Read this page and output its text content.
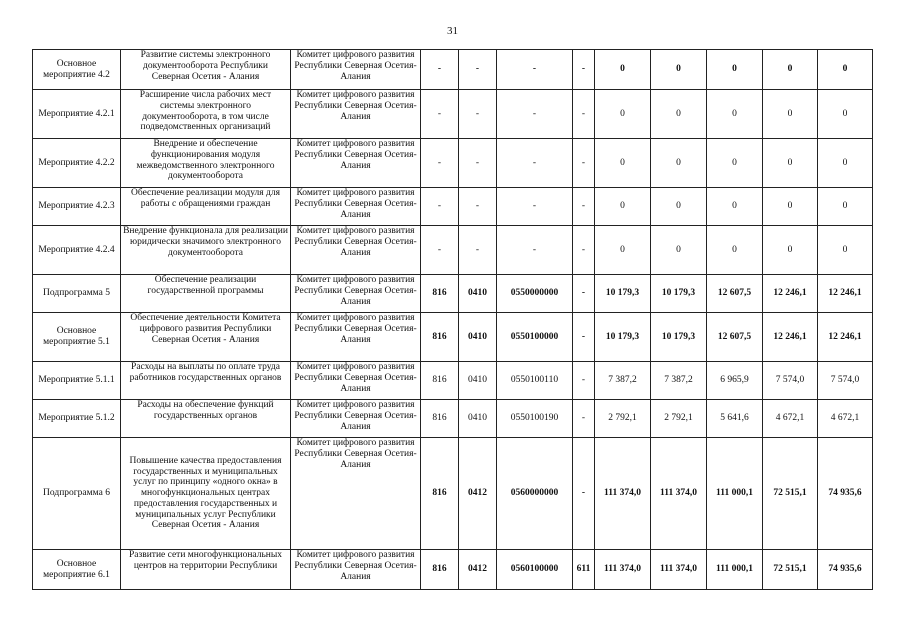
31
Основное мероприятие 4.2	Развитие системы электронного документооборота Республики Северная Осетия - Алания	Комитет цифрового развития Республики Северная Осетия-Алания	-	-	-	-	0	0	0	0	0
Мероприятие 4.2.1	Расширение числа рабочих мест системы электронного документооборота, в том числе подведомственных организаций	Комитет цифрового развития Республики Северная Осетия-Алания	-	-	-	-	0	0	0	0	0
Мероприятие 4.2.2	Внедрение и обеспечение функционирования модуля межведомственного электронного документооборота	Комитет цифрового развития Республики Северная Осетия-Алания	-	-	-	-	0	0	0	0	0
Мероприятие 4.2.3	Обеспечение реализации модуля для работы с обращениями граждан	Комитет цифрового развития Республики Северная Осетия-Алания	-	-	-	-	0	0	0	0	0
Мероприятие 4.2.4	Внедрение функционала для реализации юридически значимого электронного документооборота	Комитет цифрового развития Республики Северная Осетия-Алания	-	-	-	-	0	0	0	0	0
Подпрограмма 5	Обеспечение реализации государственной программы	Комитет цифрового развития Республики Северная Осетия-Алания	816	0410	0550000000	-	10 179,3	10 179,3	12 607,5	12 246,1	12 246,1
Основное мероприятие 5.1	Обеспечение деятельности Комитета цифрового развития Республики Северная Осетия - Алания	Комитет цифрового развития Республики Северная Осетия-Алания	816	0410	0550100000	-	10 179,3	10 179,3	12 607,5	12 246,1	12 246,1
Мероприятие 5.1.1	Расходы на выплаты по оплате труда работников государственных органов	Комитет цифрового развития Республики Северная Осетия-Алания	816	0410	0550100110	-	7 387,2	7 387,2	6 965,9	7 574,0	7 574,0
Мероприятие 5.1.2	Расходы на обеспечение функций государственных органов	Комитет цифрового развития Республики Северная Осетия-Алания	816	0410	0550100190	-	2 792,1	2 792,1	5 641,6	4 672,1	4 672,1
Подпрограмма 6	Повышение качества предоставления государственных и муниципальных услуг по принципу «одного окна» в многофункциональных центрах предоставления государственных и муниципальных услуг Республики Северная Осетия - Алания	Комитет цифрового развития Республики Северная Осетия-Алания	816	0412	0560000000	-	111 374,0	111 374,0	111 000,1	72 515,1	74 935,6
Основное мероприятие 6.1	Развитие сети многофункциональных центров на территории Республики	Комитет цифрового развития Республики Северная Осетия-Алания	816	0412	0560100000	611	111 374,0	111 374,0	111 000,1	72 515,1	74 935,6
